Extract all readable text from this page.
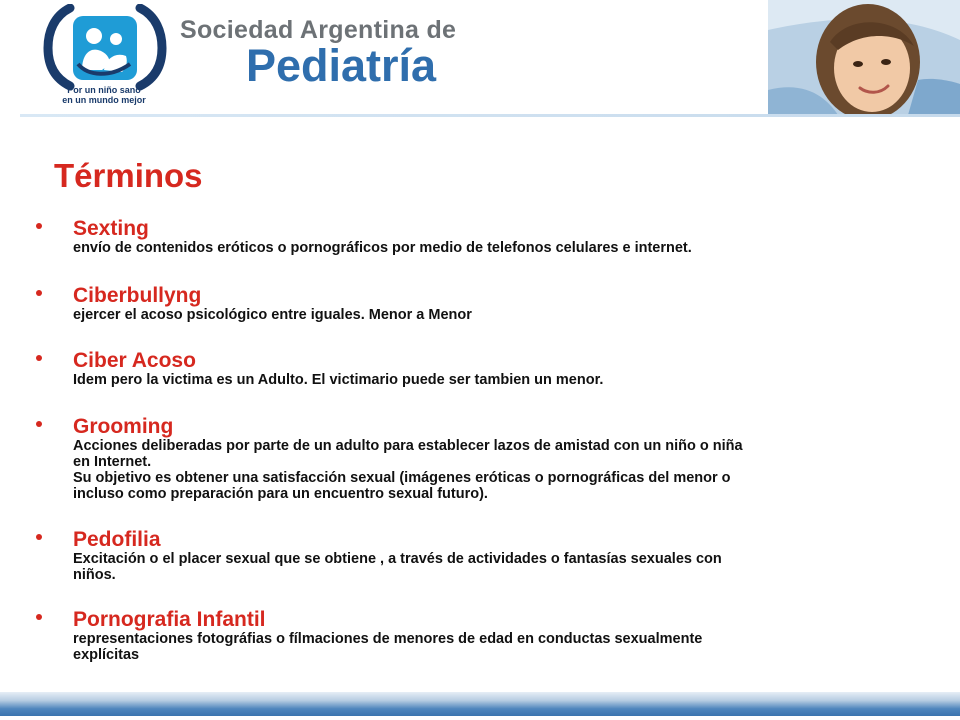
Por un niño sano
en un mundo mejor
Sociedad Argentina de
Pediatría
Términos
Sexting
envío de contenidos eróticos o pornográficos por medio de telefonos celulares e internet.
Ciberbullyng
ejercer el acoso psicológico entre iguales. Menor a Menor
Ciber Acoso
Idem pero la victima es un Adulto. El victimario puede ser tambien un menor.
Grooming
Acciones deliberadas por parte de un adulto para establecer lazos de amistad con un niño o niña
en Internet.
Su objetivo es obtener una satisfacción sexual (imágenes eróticas o pornográficas del menor o
incluso como preparación para un encuentro sexual futuro).
Pedofilia
Excitación o el placer sexual que se obtiene , a través de actividades o fantasías sexuales con
niños.
Pornografia Infantil
representaciones fotográfias o fílmaciones de menores de edad en conductas sexualmente
explícitas
